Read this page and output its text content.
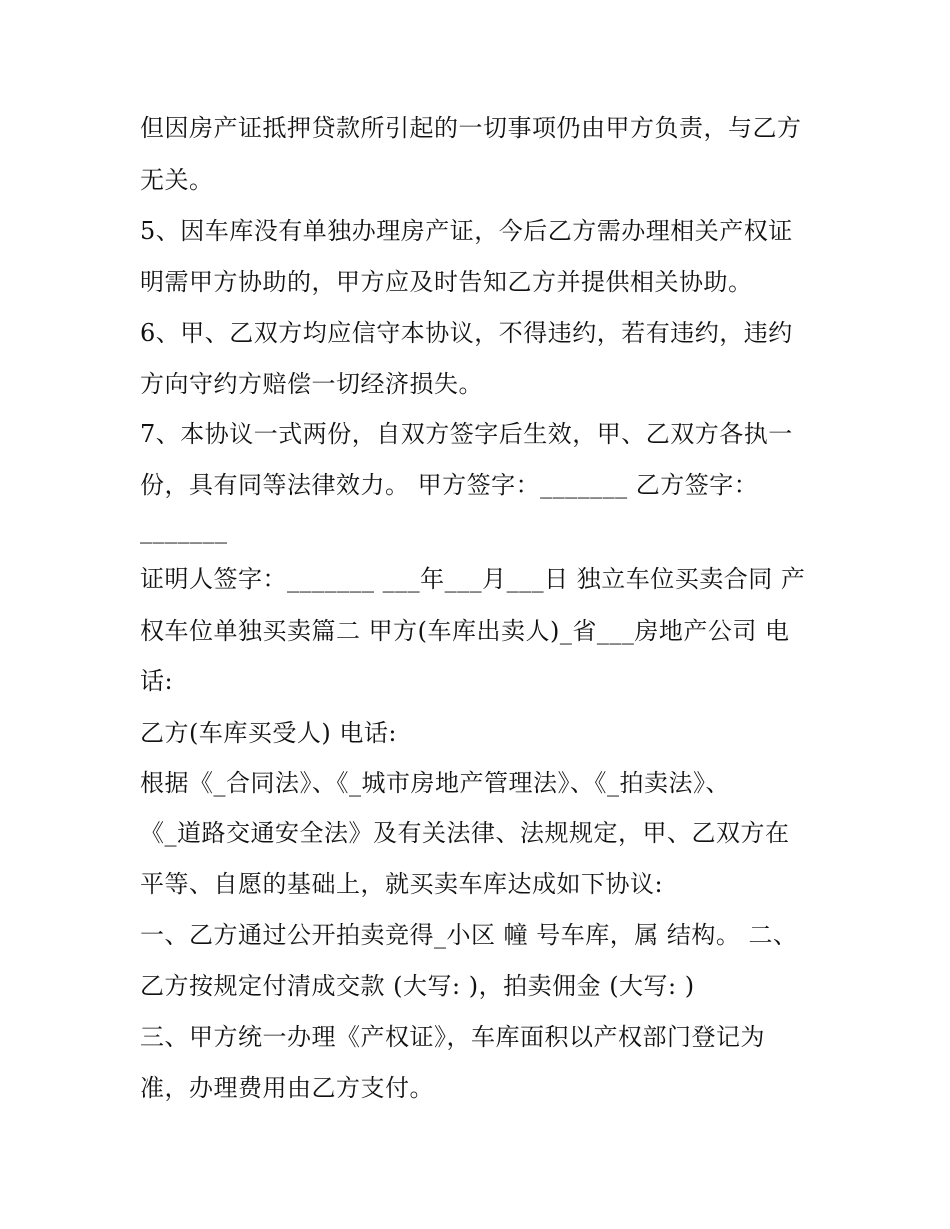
但因房产证抵押贷款所引起的一切事项仍由甲方负责，与乙方
无关。
5、因车库没有单独办理房产证，今后乙方需办理相关产权证
明需甲方协助的，甲方应及时告知乙方并提供相关协助。
6、甲、乙双方均应信守本协议，不得违约，若有违约，违约
方向守约方赔偿一切经济损失。
7、本协议一式两份，自双方签字后生效，甲、乙双方各执一
份，具有同等法律效力。 甲方签字：_______ 乙方签字：
_______
证明人签字：_______ ___年___月___日 独立车位买卖合同 产
权车位单独买卖篇二 甲方(车库出卖人)_省___房地产公司 电
话:
乙方(车库买受人) 电话:
根据《_合同法》、《_城市房地产管理法》、《_拍卖法》、
《_道路交通安全法》及有关法律、法规规定，甲、乙双方在
平等、自愿的基础上，就买卖车库达成如下协议:
一、乙方通过公开拍卖竞得_小区 幢 号车库，属 结构。 二、
乙方按规定付清成交款 (大写: )，拍卖佣金 (大写: )
三、甲方统一办理《产权证》，车库面积以产权部门登记为
准，办理费用由乙方支付。
